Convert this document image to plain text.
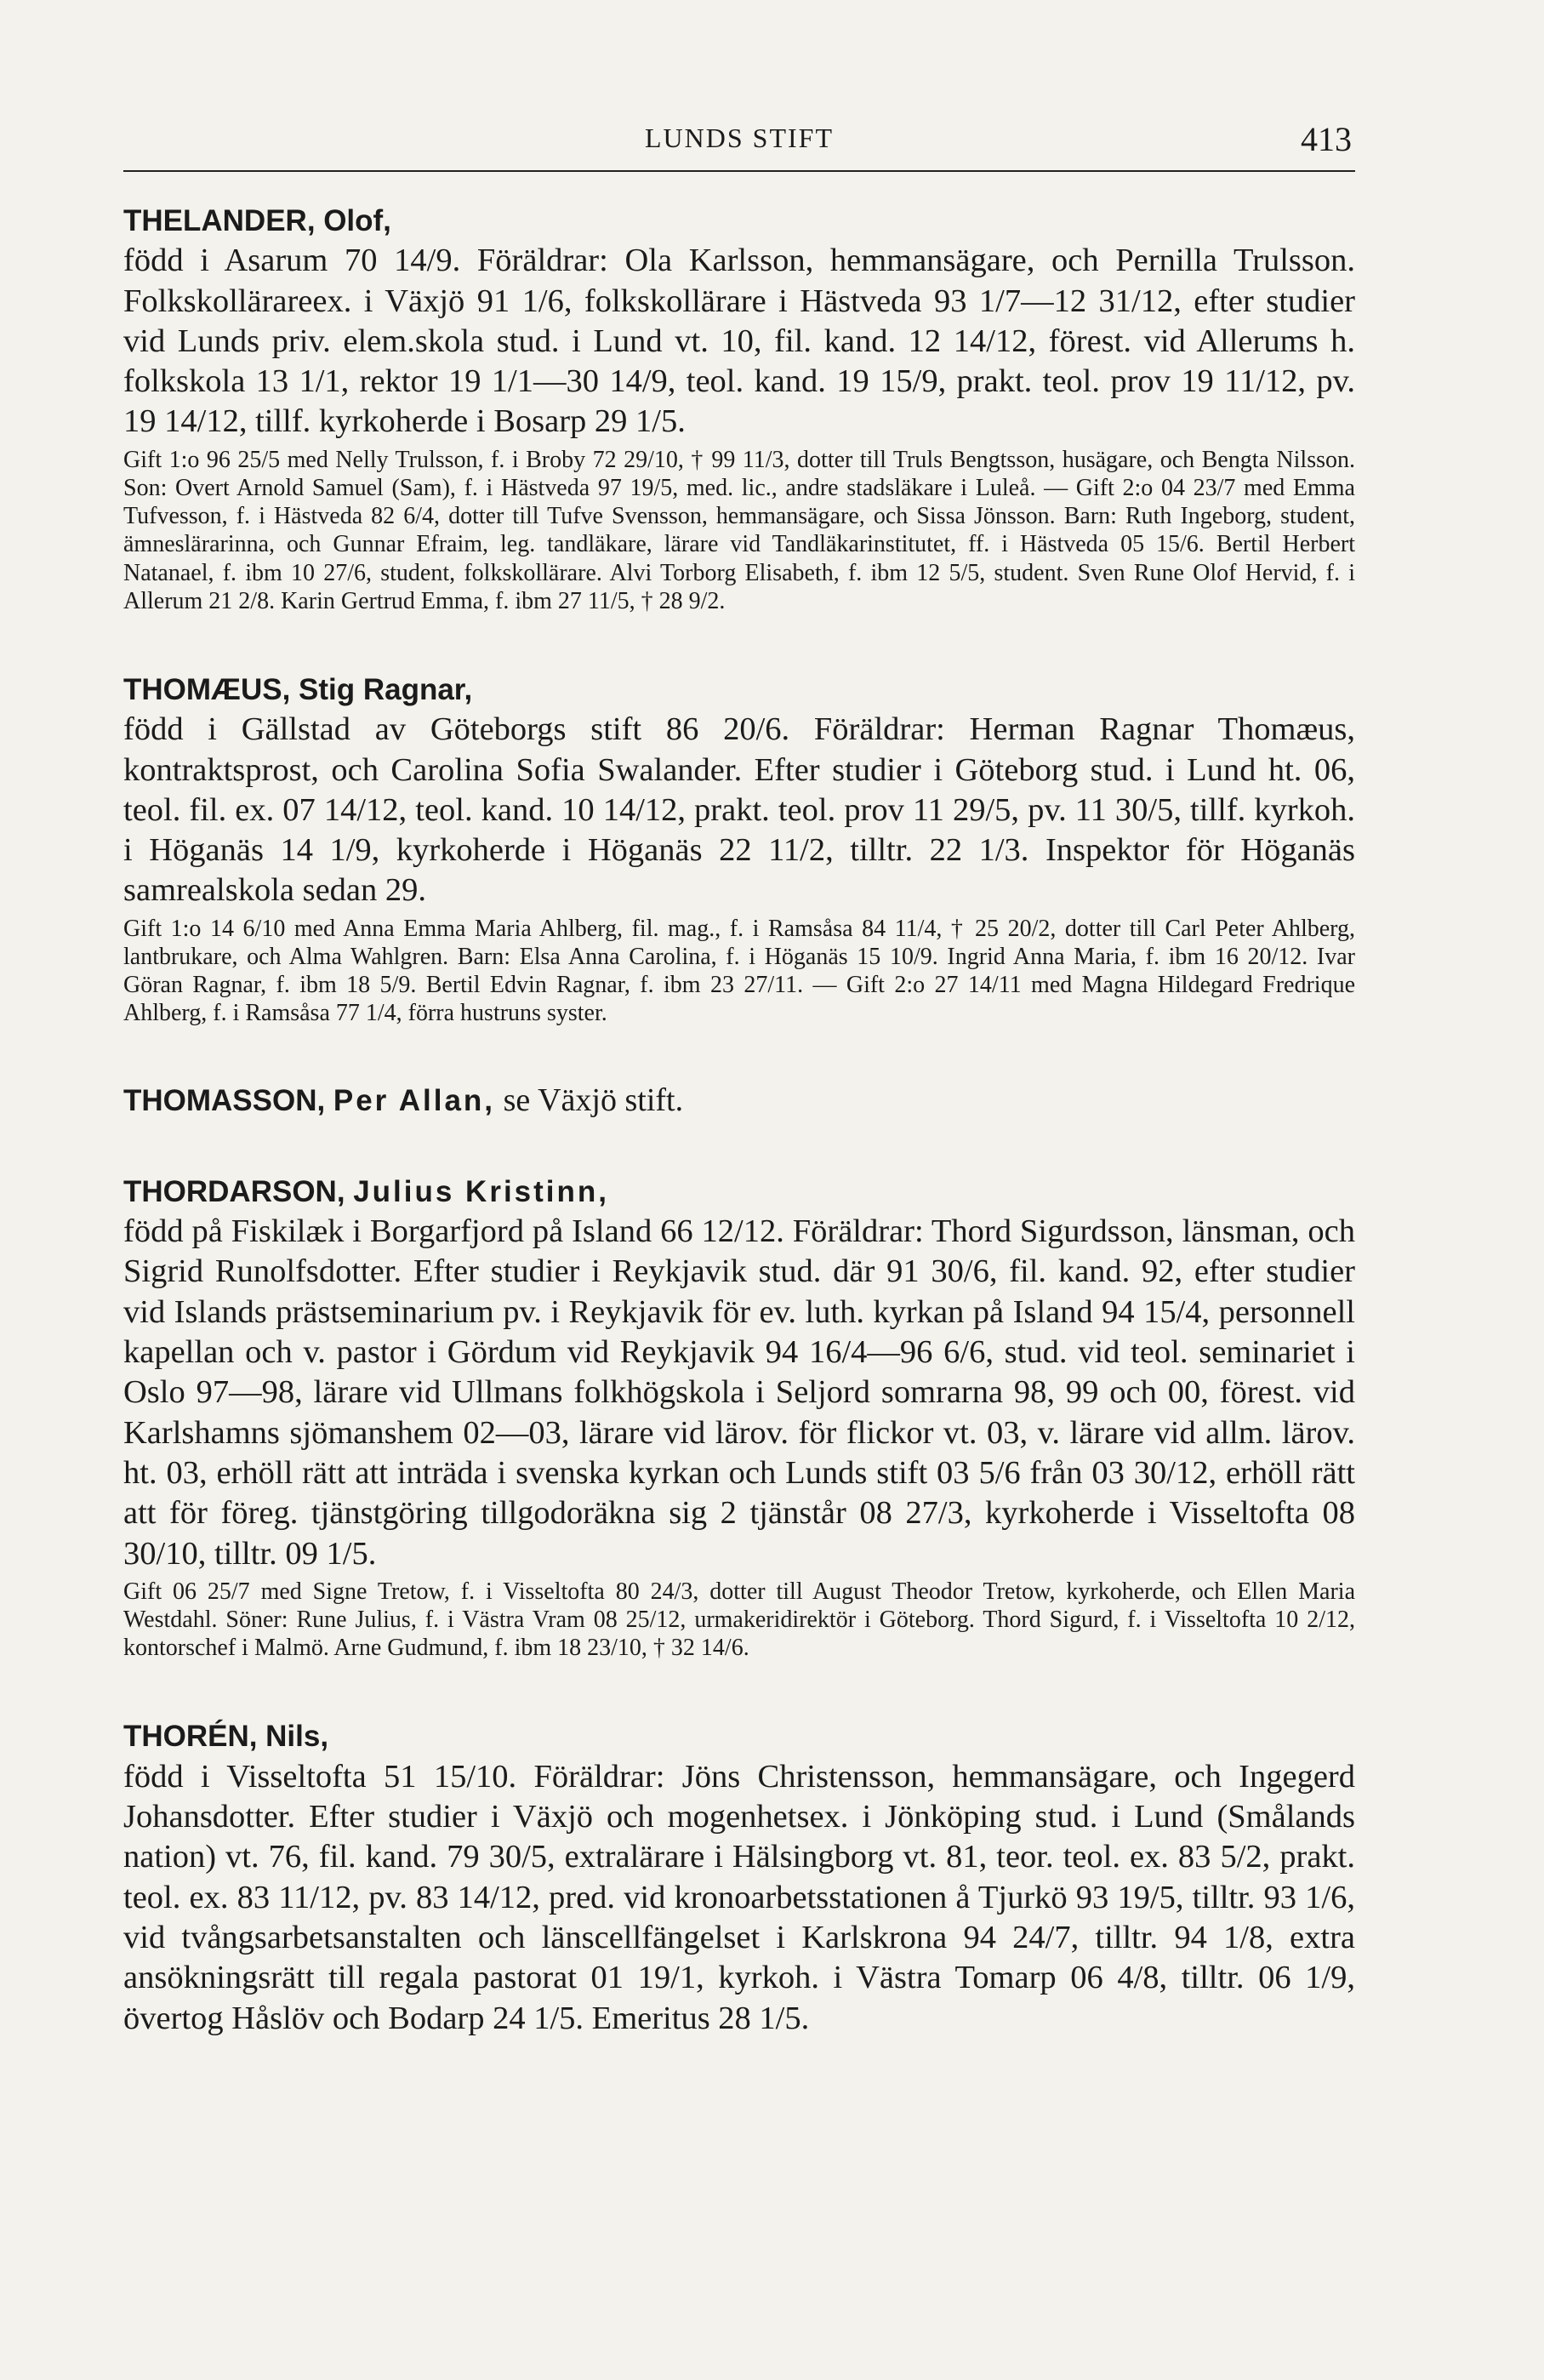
LUNDS STIFT	413

THELANDER, Olof,
född i Asarum 70 14/9. Föräldrar: Ola Karlsson, hemmansägare, och Pernilla Trulsson. Folkskollärareex. i Växjö 91 1/6, folkskollärare i Hästveda 93 1/7—12 31/12, efter studier vid Lunds priv. elem.skola stud. i Lund vt. 10, fil. kand. 12 14/12, förest. vid Allerums h. folkskola 13 1/1, rektor 19 1/1—30 14/9, teol. kand. 19 15/9, prakt. teol. prov 19 11/12, pv. 19 14/12, tillf. kyrkoherde i Bosarp 29 1/5.

Gift 1:o 96 25/5 med Nelly Trulsson, f. i Broby 72 29/10, † 99 11/3, dotter till Truls Bengtsson, husägare, och Bengta Nilsson. Son: Overt Arnold Samuel (Sam), f. i Hästveda 97 19/5, med. lic., andre stadsläkare i Luleå. — Gift 2:o 04 23/7 med Emma Tufvesson, f. i Hästveda 82 6/4, dotter till Tufve Svensson, hemmansägare, och Sissa Jönsson. Barn: Ruth Ingeborg, student, ämneslärarinna, och Gunnar Efraim, leg. tandläkare, lärare vid Tandläkarinstitutet, ff. i Hästveda 05 15/6. Bertil Herbert Natanael, f. ibm 10 27/6, student, folkskollärare. Alvi Torborg Elisabeth, f. ibm 12 5/5, student. Sven Rune Olof Hervid, f. i Allerum 21 2/8. Karin Gertrud Emma, f. ibm 27 11/5, † 28 9/2.

THOMÆUS, Stig Ragnar,
född i Gällstad av Göteborgs stift 86 20/6. Föräldrar: Herman Ragnar Thomæus, kontraktsprost, och Carolina Sofia Swalander. Efter studier i Göteborg stud. i Lund ht. 06, teol. fil. ex. 07 14/12, teol. kand. 10 14/12, prakt. teol. prov 11 29/5, pv. 11 30/5, tillf. kyrkoh. i Höganäs 14 1/9, kyrkoherde i Höganäs 22 11/2, tilltr. 22 1/3. Inspektor för Höganäs samrealskola sedan 29.

Gift 1:o 14 6/10 med Anna Emma Maria Ahlberg, fil. mag., f. i Ramsåsa 84 11/4, † 25 20/2, dotter till Carl Peter Ahlberg, lantbrukare, och Alma Wahlgren. Barn: Elsa Anna Carolina, f. i Höganäs 15 10/9. Ingrid Anna Maria, f. ibm 16 20/12. Ivar Göran Ragnar, f. ibm 18 5/9. Bertil Edvin Ragnar, f. ibm 23 27/11. — Gift 2:o 27 14/11 med Magna Hildegard Fredrique Ahlberg, f. i Ramsåsa 77 1/4, förra hustruns syster.

THOMASSON, Per Allan, se Växjö stift.

THORDARSON, Julius Kristinn,
född på Fiskilæk i Borgarfjord på Island 66 12/12. Föräldrar: Thord Sigurdsson, länsman, och Sigrid Runolfsdotter. Efter studier i Reykjavik stud. där 91 30/6, fil. kand. 92, efter studier vid Islands prästseminarium pv. i Reykjavik för ev. luth. kyrkan på Island 94 15/4, personnell kapellan och v. pastor i Gördum vid Reykjavik 94 16/4—96 6/6, stud. vid teol. seminariet i Oslo 97—98, lärare vid Ullmans folkhögskola i Seljord somrarna 98, 99 och 00, förest. vid Karlshamns sjömanshem 02—03, lärare vid lärov. för flickor vt. 03, v. lärare vid allm. lärov. ht. 03, erhöll rätt att inträda i svenska kyrkan och Lunds stift 03 5/6 från 03 30/12, erhöll rätt att för föreg. tjänstgöring tillgodoräkna sig 2 tjänstår 08 27/3, kyrkoherde i Visseltofta 08 30/10, tilltr. 09 1/5.

Gift 06 25/7 med Signe Tretow, f. i Visseltofta 80 24/3, dotter till August Theodor Tretow, kyrkoherde, och Ellen Maria Westdahl. Söner: Rune Julius, f. i Västra Vram 08 25/12, urmakeridirektör i Göteborg. Thord Sigurd, f. i Visseltofta 10 2/12, kontorschef i Malmö. Arne Gudmund, f. ibm 18 23/10, † 32 14/6.

THORÉN, Nils,
född i Visseltofta 51 15/10. Föräldrar: Jöns Christensson, hemmansägare, och Ingegerd Johansdotter. Efter studier i Växjö och mogenhetsex. i Jönköping stud. i Lund (Smålands nation) vt. 76, fil. kand. 79 30/5, extralärare i Hälsingborg vt. 81, teor. teol. ex. 83 5/2, prakt. teol. ex. 83 11/12, pv. 83 14/12, pred. vid kronoarbetsstationen å Tjurkö 93 19/5, tilltr. 93 1/6, vid tvångsarbetsanstalten och länscellfängelset i Karlskrona 94 24/7, tilltr. 94 1/8, extra ansökningsrätt till regala pastorat 01 19/1, kyrkoh. i Västra Tomarp 06 4/8, tilltr. 06 1/9, övertog Håslöv och Bodarp 24 1/5. Emeritus 28 1/5.
